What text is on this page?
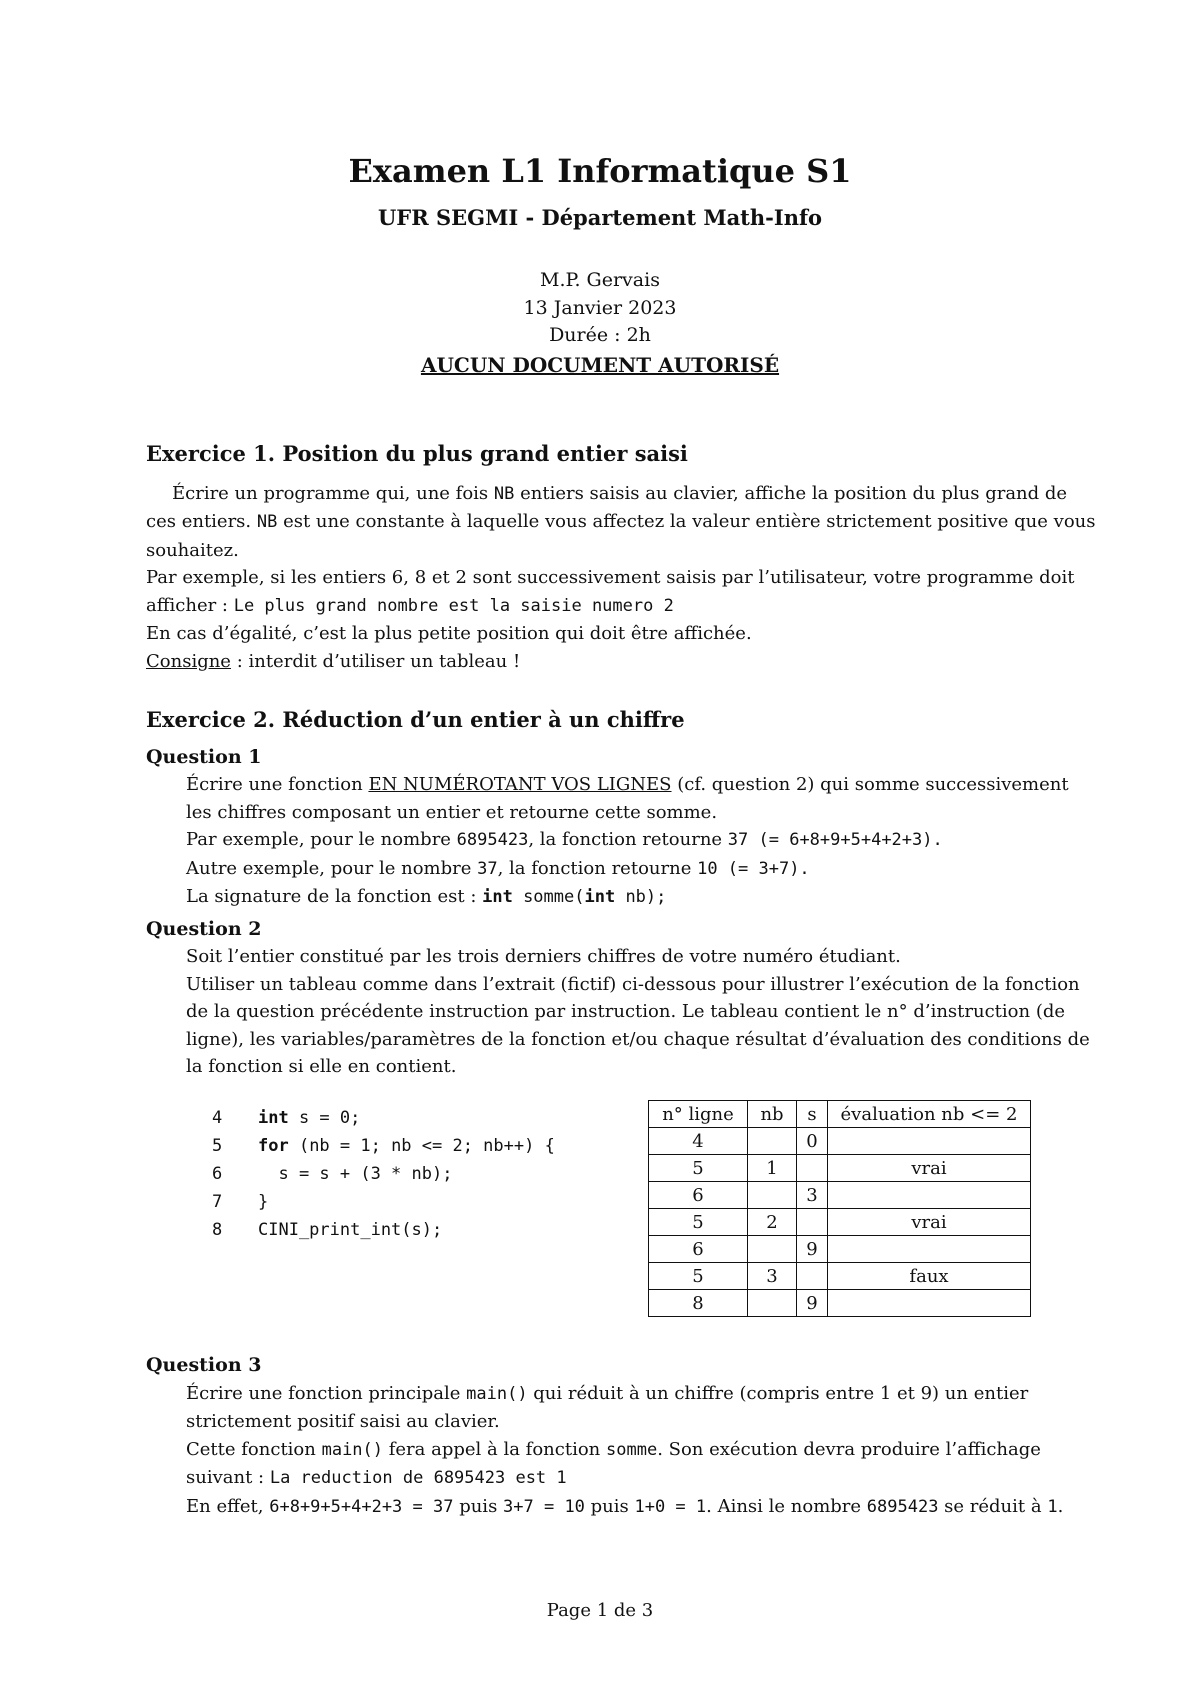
Examen L1 Informatique S1
UFR SEGMI - Département Math-Info
M.P. Gervais
13 Janvier 2023
Durée : 2h
AUCUN DOCUMENT AUTORISÉ
Exercice 1. Position du plus grand entier saisi

Écrire un programme qui, une fois NB entiers saisis au clavier, affiche la position du plus grand de ces entiers. NB est une constante à laquelle vous affectez la valeur entière strictement positive que vous souhaitez.

Par exemple, si les entiers 6, 8 et 2 sont successivement saisis par l’utilisateur, votre programme doit afficher : Le plus grand nombre est la saisie numero 2

En cas d’égalité, c’est la plus petite position qui doit être affichée.

Consigne : interdit d’utiliser un tableau !

Exercice 2. Réduction d’un entier à un chiffre
Question 1

Écrire une fonction EN NUMÉROTANT VOS LIGNES (cf. question 2) qui somme successivement les chiffres composant un entier et retourne cette somme.

Par exemple, pour le nombre 6895423, la fonction retourne 37 (= 6+8+9+5+4+2+3).

Autre exemple, pour le nombre 37, la fonction retourne 10 (= 3+7).

La signature de la fonction est : int somme(int nb);

Question 2

Soit l’entier constitué par les trois derniers chiffres de votre numéro étudiant.

Utiliser un tableau comme dans l’extrait (fictif) ci-dessous pour illustrer l’exécution de la fonction de la question précédente instruction par instruction. Le tableau contient le n° d’instruction (de ligne), les variables/paramètres de la fonction et/ou chaque résultat d’évaluation des conditions de la fonction si elle en contient.

4 int s = 0;
5 for (nb = 1; nb <= 2; nb++) {
6  s = s + (3 * nb);
7 }
8 CINI_print_int(s);
n° ligne	nb	s	évaluation nb <= 2
4		0	
5	1		vrai
6		3	
5	2		vrai
6		9	
5	3		faux
8		9	
Question 3

Écrire une fonction principale main() qui réduit à un chiffre (compris entre 1 et 9) un entier strictement positif saisi au clavier.

Cette fonction main() fera appel à la fonction somme. Son exécution devra produire l’affichage suivant : La reduction de 6895423 est 1

En effet, 6+8+9+5+4+2+3 = 37 puis 3+7 = 10 puis 1+0 = 1. Ainsi le nombre 6895423 se réduit à 1.

Page 1 de 3
